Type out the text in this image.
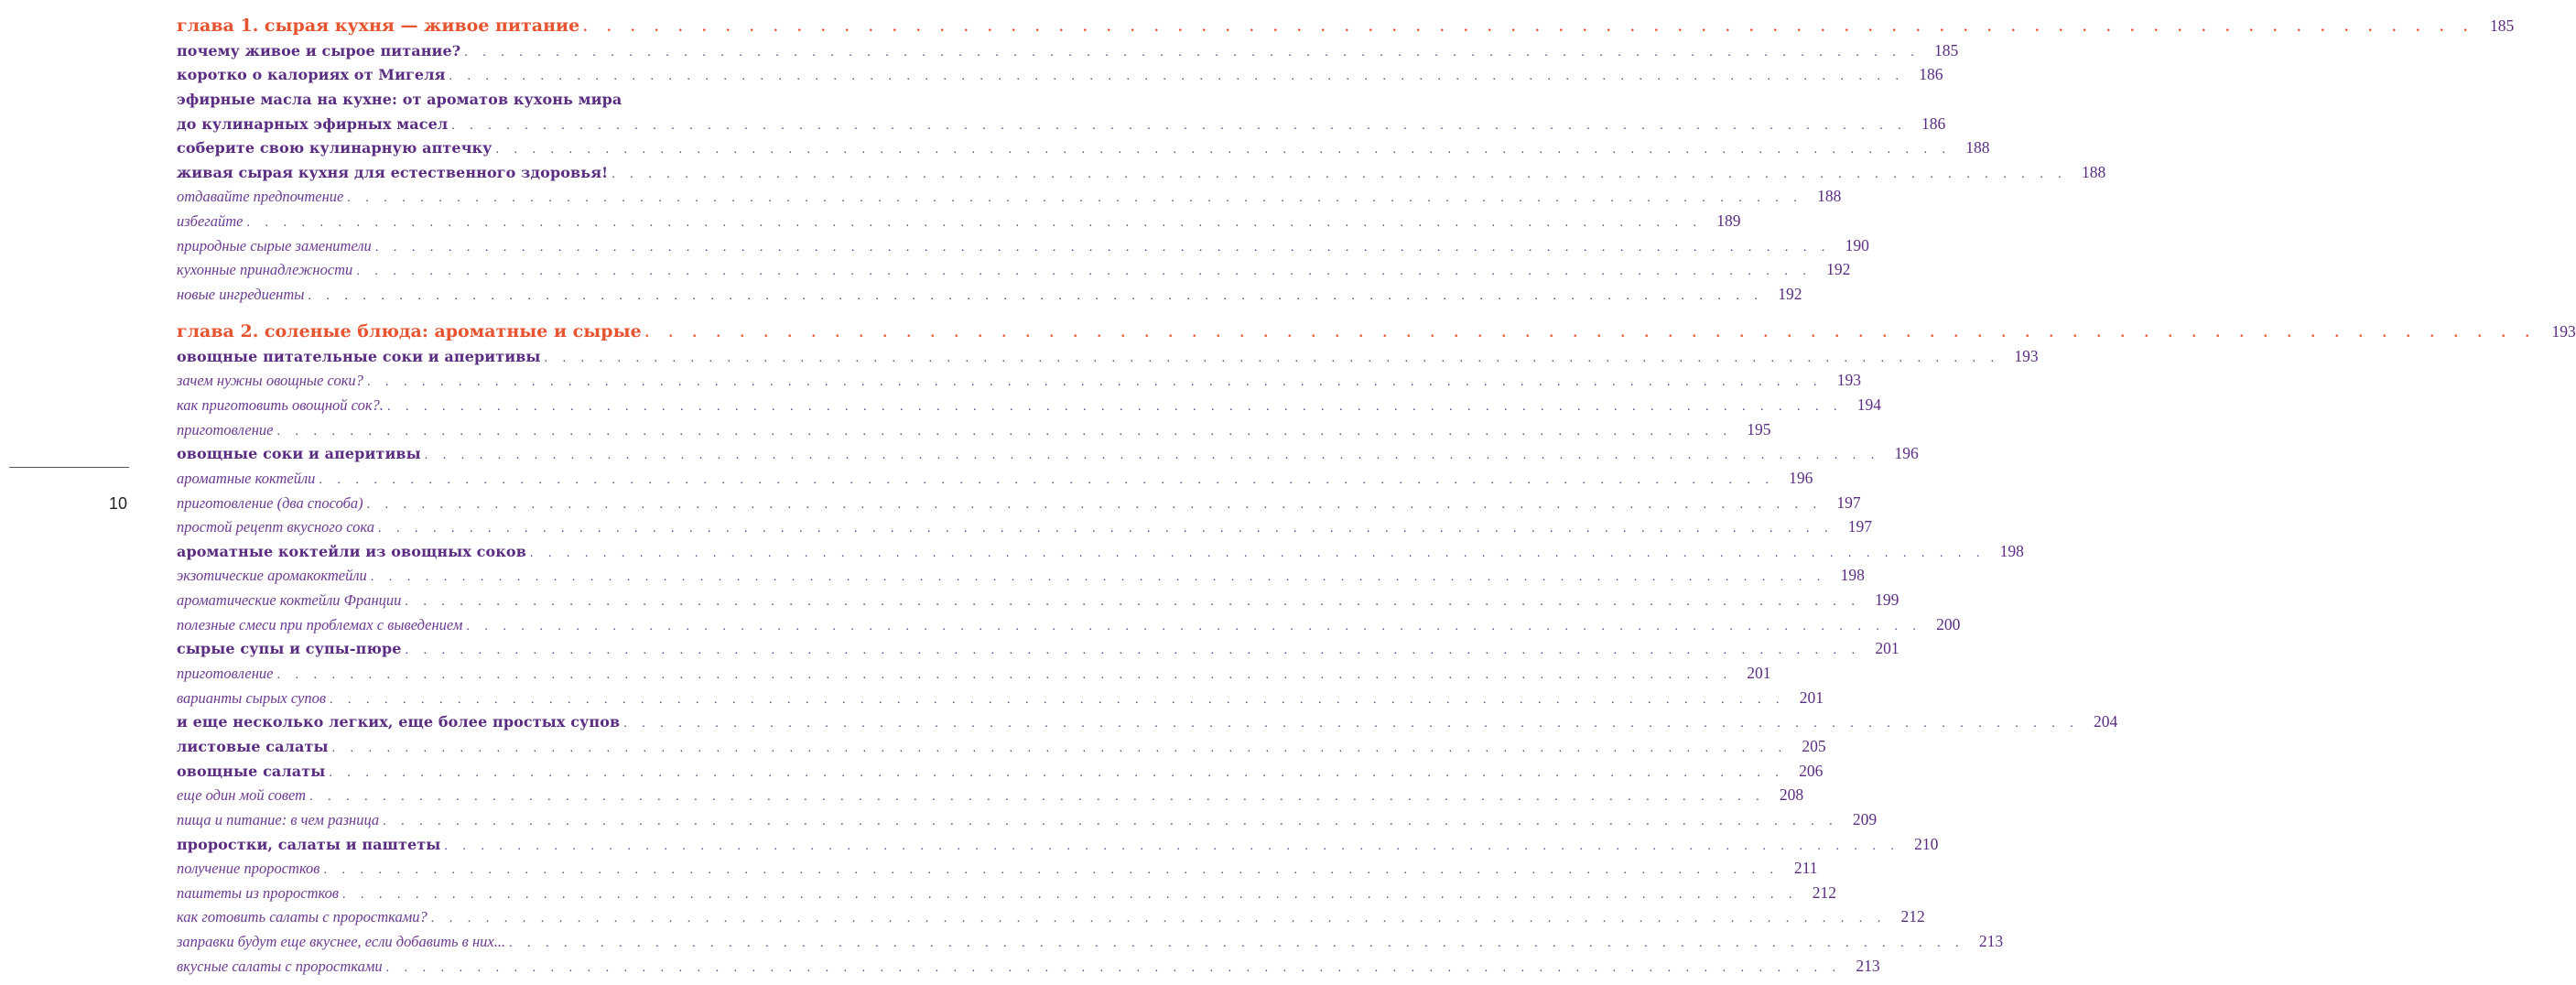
10
глава 1. сырая кухня — живое питание . . . . . . . . . . . . . . . . . . . . . . . . . . . . . . . . . . . . . . . . . . . . . . . . . . . . . . . . . . . . . . . . . . . . . . . . . . . . . . . . 185
почему живое и сырое питание? . . . . . . . . . . . . . . . . . . . . . . . . . . . . . . . . . . . . . . . . . . . . . . . . . . . . . . . . . . . . . . . . . . . . . . . . . . . . . . . . 185
коротко о калориях от Мигеля . . . . . . . . . . . . . . . . . . . . . . . . . . . . . . . . . . . . . . . . . . . . . . . . . . . . . . . . . . . . . . . . . . . . . . . . . . . . . . . . 186
эфирные масла на кухне: от ароматов кухонь мира
до кулинарных эфирных масел . . . . . . . . . . . . . . . . . . . . . . . . . . . . . . . . . . . . . . . . . . . . . . . . . . . . . . . . . . . . . . . . . . . . . . . . . . . . . . . . 186
соберите свою кулинарную аптечку . . . . . . . . . . . . . . . . . . . . . . . . . . . . . . . . . . . . . . . . . . . . . . . . . . . . . . . . . . . . . . . . . . . . . . . . . . . . . . . . 188
живая сырая кухня для естественного здоровья! . . . . . . . . . . . . . . . . . . . . . . . . . . . . . . . . . . . . . . . . . . . . . . . . . . . . . . . . . . . . . . . . . . . . . . . . . . . . . . . . 188
отдавайте предпочтение . . . . . . . . . . . . . . . . . . . . . . . . . . . . . . . . . . . . . . . . . . . . . . . . . . . . . . . . . . . . . . . . . . . . . . . . . . . . . . . . 188
избегайте . . . . . . . . . . . . . . . . . . . . . . . . . . . . . . . . . . . . . . . . . . . . . . . . . . . . . . . . . . . . . . . . . . . . . . . . . . . . . . . . 189
природные сырые заменители . . . . . . . . . . . . . . . . . . . . . . . . . . . . . . . . . . . . . . . . . . . . . . . . . . . . . . . . . . . . . . . . . . . . . . . . . . . . . . . . 190
кухонные принадлежности . . . . . . . . . . . . . . . . . . . . . . . . . . . . . . . . . . . . . . . . . . . . . . . . . . . . . . . . . . . . . . . . . . . . . . . . . . . . . . . . 192
новые ингредиенты . . . . . . . . . . . . . . . . . . . . . . . . . . . . . . . . . . . . . . . . . . . . . . . . . . . . . . . . . . . . . . . . . . . . . . . . . . . . . . . . 192
глава 2. соленые блюда: ароматные и сырые . . . . . . . . . . . . . . . . . . . . . . . . . . . . . . . . . . . . . . . . . . . . . . . . . . . . . . . . . . . . . . . . . . . . . . . . . . . . . . . . 193
овощные питательные соки и аперитивы . . . . . . . . . . . . . . . . . . . . . . . . . . . . . . . . . . . . . . . . . . . . . . . . . . . . . . . . . . . . . . . . . . . . . . . . . . . . . . . . 193
зачем нужны овощные соки? . . . . . . . . . . . . . . . . . . . . . . . . . . . . . . . . . . . . . . . . . . . . . . . . . . . . . . . . . . . . . . . . . . . . . . . . . . . . . . . . 193
как приготовить овощной сок?. . . . . . . . . . . . . . . . . . . . . . . . . . . . . . . . . . . . . . . . . . . . . . . . . . . . . . . . . . . . . . . . . . . . . . . . . . . . . . . . . 194
приготовление . . . . . . . . . . . . . . . . . . . . . . . . . . . . . . . . . . . . . . . . . . . . . . . . . . . . . . . . . . . . . . . . . . . . . . . . . . . . . . . . 195
овощные соки и аперитивы . . . . . . . . . . . . . . . . . . . . . . . . . . . . . . . . . . . . . . . . . . . . . . . . . . . . . . . . . . . . . . . . . . . . . . . . . . . . . . . . 196
ароматные коктейли . . . . . . . . . . . . . . . . . . . . . . . . . . . . . . . . . . . . . . . . . . . . . . . . . . . . . . . . . . . . . . . . . . . . . . . . . . . . . . . . 196
приготовление (два способа) . . . . . . . . . . . . . . . . . . . . . . . . . . . . . . . . . . . . . . . . . . . . . . . . . . . . . . . . . . . . . . . . . . . . . . . . . . . . . . . . 197
простой рецепт вкусного сока . . . . . . . . . . . . . . . . . . . . . . . . . . . . . . . . . . . . . . . . . . . . . . . . . . . . . . . . . . . . . . . . . . . . . . . . . . . . . . . . 197
ароматные коктейли из овощных соков . . . . . . . . . . . . . . . . . . . . . . . . . . . . . . . . . . . . . . . . . . . . . . . . . . . . . . . . . . . . . . . . . . . . . . . . . . . . . . . . 198
экзотические аромакоктейли . . . . . . . . . . . . . . . . . . . . . . . . . . . . . . . . . . . . . . . . . . . . . . . . . . . . . . . . . . . . . . . . . . . . . . . . . . . . . . . . 198
ароматические коктейли Франции . . . . . . . . . . . . . . . . . . . . . . . . . . . . . . . . . . . . . . . . . . . . . . . . . . . . . . . . . . . . . . . . . . . . . . . . . . . . . . . . 199
полезные смеси при проблемах с выведением . . . . . . . . . . . . . . . . . . . . . . . . . . . . . . . . . . . . . . . . . . . . . . . . . . . . . . . . . . . . . . . . . . . . . . . . . . . . . . . . 200
сырые супы и супы-пюре . . . . . . . . . . . . . . . . . . . . . . . . . . . . . . . . . . . . . . . . . . . . . . . . . . . . . . . . . . . . . . . . . . . . . . . . . . . . . . . . 201
приготовление . . . . . . . . . . . . . . . . . . . . . . . . . . . . . . . . . . . . . . . . . . . . . . . . . . . . . . . . . . . . . . . . . . . . . . . . . . . . . . . . 201
варианты сырых супов . . . . . . . . . . . . . . . . . . . . . . . . . . . . . . . . . . . . . . . . . . . . . . . . . . . . . . . . . . . . . . . . . . . . . . . . . . . . . . . . 201
и еще несколько легких, еще более простых супов . . . . . . . . . . . . . . . . . . . . . . . . . . . . . . . . . . . . . . . . . . . . . . . . . . . . . . . . . . . . . . . . . . . . . . . . . . . . . . . . 204
листовые салаты . . . . . . . . . . . . . . . . . . . . . . . . . . . . . . . . . . . . . . . . . . . . . . . . . . . . . . . . . . . . . . . . . . . . . . . . . . . . . . . . 205
овощные салаты . . . . . . . . . . . . . . . . . . . . . . . . . . . . . . . . . . . . . . . . . . . . . . . . . . . . . . . . . . . . . . . . . . . . . . . . . . . . . . . . 206
еще один мой совет . . . . . . . . . . . . . . . . . . . . . . . . . . . . . . . . . . . . . . . . . . . . . . . . . . . . . . . . . . . . . . . . . . . . . . . . . . . . . . . . 208
пища и питание: в чем разница . . . . . . . . . . . . . . . . . . . . . . . . . . . . . . . . . . . . . . . . . . . . . . . . . . . . . . . . . . . . . . . . . . . . . . . . . . . . . . . . 209
проростки, салаты и паштеты . . . . . . . . . . . . . . . . . . . . . . . . . . . . . . . . . . . . . . . . . . . . . . . . . . . . . . . . . . . . . . . . . . . . . . . . . . . . . . . . 210
получение проростков . . . . . . . . . . . . . . . . . . . . . . . . . . . . . . . . . . . . . . . . . . . . . . . . . . . . . . . . . . . . . . . . . . . . . . . . . . . . . . . . 211
паштеты из проростков . . . . . . . . . . . . . . . . . . . . . . . . . . . . . . . . . . . . . . . . . . . . . . . . . . . . . . . . . . . . . . . . . . . . . . . . . . . . . . . . 212
как готовить салаты с проростками? . . . . . . . . . . . . . . . . . . . . . . . . . . . . . . . . . . . . . . . . . . . . . . . . . . . . . . . . . . . . . . . . . . . . . . . . . . . . . . . . 212
заправки будут еще вкуснее, если добавить в них... . . . . . . . . . . . . . . . . . . . . . . . . . . . . . . . . . . . . . . . . . . . . . . . . . . . . . . . . . . . . . . . . . . . . . . . . . . . . . . . . 213
вкусные салаты с проростками . . . . . . . . . . . . . . . . . . . . . . . . . . . . . . . . . . . . . . . . . . . . . . . . . . . . . . . . . . . . . . . . . . . . . . . . . . . . . . . . 213
